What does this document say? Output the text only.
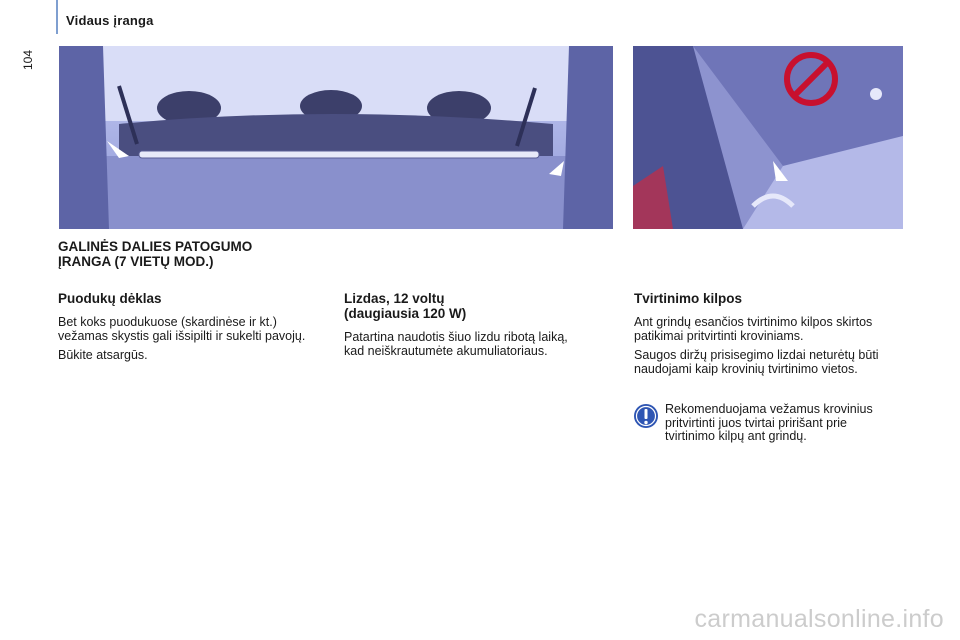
Vidaus įranga
104
GALINĖS DALIES PATOGUMO
ĮRANGA (7 VIETŲ MOD.)
Puodukų dėklas

Bet koks puodukuose (skardinėse ir kt.) vežamas skystis gali išsipilti ir sukelti pavojų.

Būkite atsargūs.

Lizdas, 12 voltų
(daugiausia 120 W)

Patartina naudotis šiuo lizdu ribotą laiką, kad neiškrautumėte akumuliatoriaus.

Tvirtinimo kilpos

Ant grindų esančios tvirtinimo kilpos skirtos patikimai pritvirtinti kroviniams.

Saugos diržų prisisegimo lizdai neturėtų būti naudojami kaip krovinių tvirtinimo vietos.

Rekomenduojama vežamus krovinius pritvirtinti juos tvirtai pririšant prie tvirtinimo kilpų ant grindų.
carmanualsonline.info
